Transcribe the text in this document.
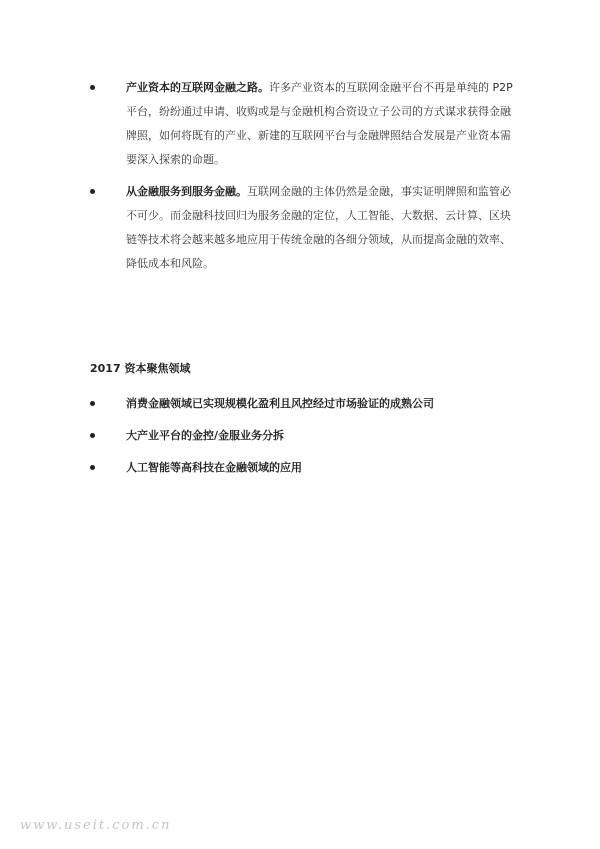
产业资本的互联网金融之路。许多产业资本的互联网金融平台不再是单纯的 P2P 平台，纷纷通过申请、收购或是与金融机构合资设立子公司的方式谋求获得金融牌照，如何将既有的产业、新建的互联网平台与金融牌照结合发展是产业资本需要深入探索的命题。
从金融服务到服务金融。互联网金融的主体仍然是金融，事实证明牌照和监管必不可少。而金融科技回归为服务金融的定位，人工智能、大数据、云计算、区块链等技术将会越来越多地应用于传统金融的各细分领域，从而提高金融的效率、降低成本和风险。
2017 资本聚焦领域
消费金融领域已实现规模化盈利且风控经过市场验证的成熟公司
大产业平台的金控/金服业务分拆
人工智能等高科技在金融领域的应用
www.useit.com.cn
